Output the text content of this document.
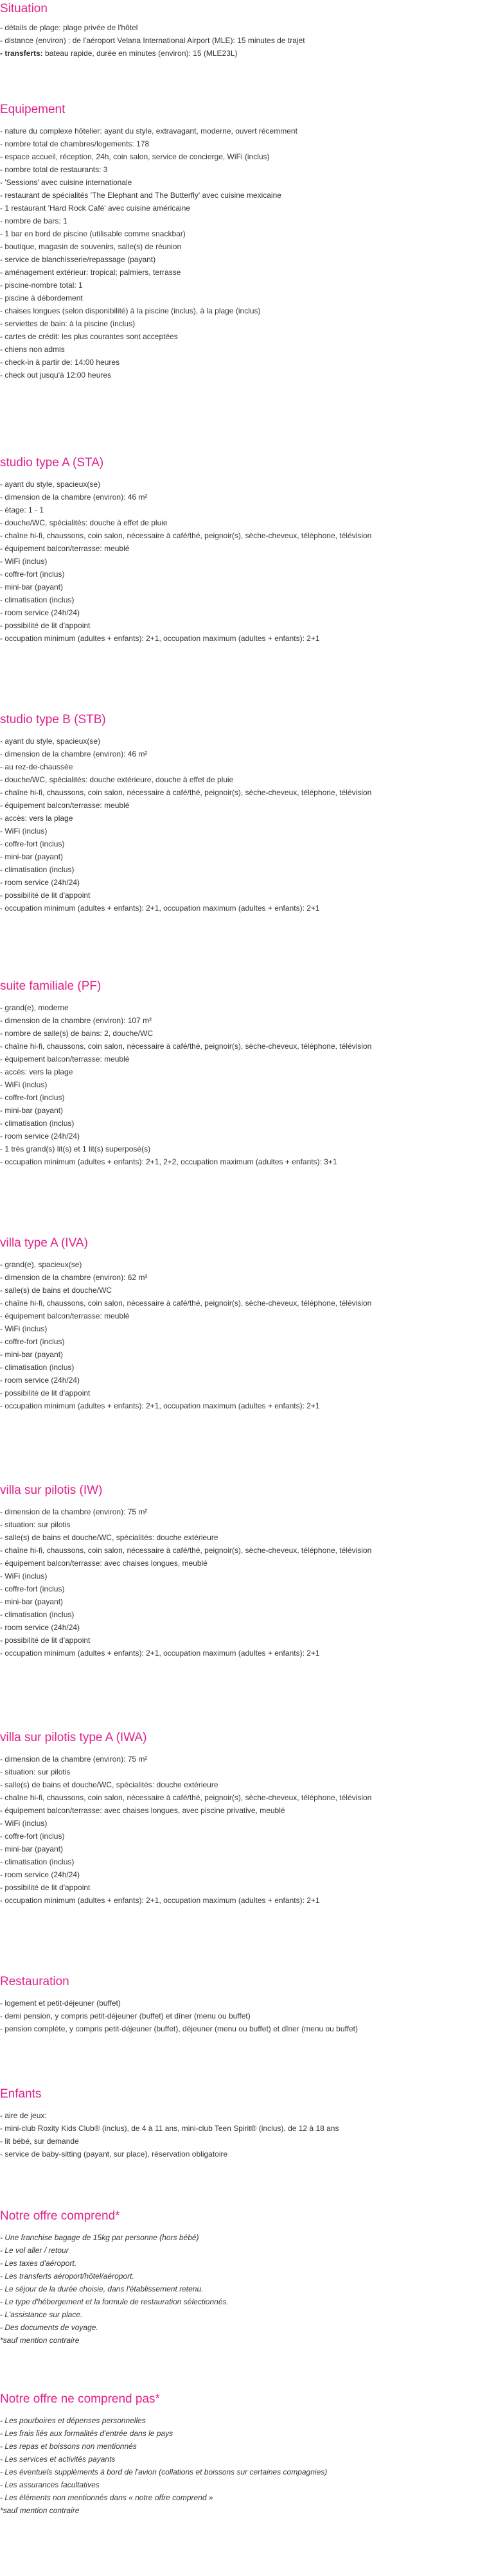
Situation
- détails de plage: plage privée de l'hôtel
- distance (environ) : de l'aéroport Velana International Airport (MLE): 15 minutes de trajet
- transferts: bateau rapide, durée en minutes (environ): 15 (MLE23L)
Equipement
- nature du complexe hôtelier: ayant du style, extravagant, moderne, ouvert récemment
- nombre total de chambres/logements: 178
- espace accueil, réception, 24h, coin salon, service de concierge, WiFi (inclus)
- nombre total de restaurants: 3
- 'Sessions' avec cuisine internationale
- restaurant de spécialités 'The Elephant and The Butterfly' avec cuisine mexicaine
- 1 restaurant 'Hard Rock Café' avec cuisine américaine
- nombre de bars: 1
- 1 bar en bord de piscine (utilisable comme snackbar)
- boutique, magasin de souvenirs, salle(s) de réunion
- service de blanchisserie/repassage (payant)
- aménagement extérieur: tropical; palmiers, terrasse
- piscine-nombre total: 1
- piscine à débordement
- chaises longues (selon disponibilité) à la piscine (inclus), à la plage (inclus)
- serviettes de bain: à la piscine (inclus)
- cartes de crédit: les plus courantes sont acceptées
- chiens non admis
- check-in à partir de: 14:00 heures
- check out jusqu'à 12:00 heures
studio type A (STA)
- ayant du style, spacieux(se)
- dimension de la chambre (environ): 46 m²
- étage: 1 - 1
- douche/WC, spécialités: douche à effet de pluie
- chaîne hi-fi, chaussons, coin salon, nécessaire à café/thé, peignoir(s), sèche-cheveux, téléphone, télévision
- équipement balcon/terrasse: meublé
- WiFi (inclus)
- coffre-fort (inclus)
- mini-bar (payant)
- climatisation (inclus)
- room service (24h/24)
- possibilité de lit d'appoint
- occupation minimum (adultes + enfants): 2+1, occupation maximum (adultes + enfants): 2+1
studio type B (STB)
- ayant du style, spacieux(se)
- dimension de la chambre (environ): 46 m²
- au rez-de-chaussée
- douche/WC, spécialités: douche extérieure, douche à effet de pluie
- chaîne hi-fi, chaussons, coin salon, nécessaire à café/thé, peignoir(s), sèche-cheveux, téléphone, télévision
- équipement balcon/terrasse: meublé
- accès: vers la plage
- WiFi (inclus)
- coffre-fort (inclus)
- mini-bar (payant)
- climatisation (inclus)
- room service (24h/24)
- possibilité de lit d'appoint
- occupation minimum (adultes + enfants): 2+1, occupation maximum (adultes + enfants): 2+1
suite familiale (PF)
- grand(e), moderne
- dimension de la chambre (environ): 107 m²
- nombre de salle(s) de bains: 2, douche/WC
- chaîne hi-fi, chaussons, coin salon, nécessaire à café/thé, peignoir(s), sèche-cheveux, téléphone, télévision
- équipement balcon/terrasse: meublé
- accès: vers la plage
- WiFi (inclus)
- coffre-fort (inclus)
- mini-bar (payant)
- climatisation (inclus)
- room service (24h/24)
- 1 très grand(s) lit(s) et 1 lit(s) superposé(s)
- occupation minimum (adultes + enfants): 2+1, 2+2, occupation maximum (adultes + enfants): 3+1
villa type A (IVA)
- grand(e), spacieux(se)
- dimension de la chambre (environ): 62 m²
- salle(s) de bains et douche/WC
- chaîne hi-fi, chaussons, coin salon, nécessaire à café/thé, peignoir(s), sèche-cheveux, téléphone, télévision
- équipement balcon/terrasse: meublé
- WiFi (inclus)
- coffre-fort (inclus)
- mini-bar (payant)
- climatisation (inclus)
- room service (24h/24)
- possibilité de lit d'appoint
- occupation minimum (adultes + enfants): 2+1, occupation maximum (adultes + enfants): 2+1
villa sur pilotis (IW)
- dimension de la chambre (environ): 75 m²
- situation: sur pilotis
- salle(s) de bains et douche/WC, spécialités: douche extérieure
- chaîne hi-fi, chaussons, coin salon, nécessaire à café/thé, peignoir(s), sèche-cheveux, téléphone, télévision
- équipement balcon/terrasse: avec chaises longues, meublé
- WiFi (inclus)
- coffre-fort (inclus)
- mini-bar (payant)
- climatisation (inclus)
- room service (24h/24)
- possibilité de lit d'appoint
- occupation minimum (adultes + enfants): 2+1, occupation maximum (adultes + enfants): 2+1
villa sur pilotis type A (IWA)
- dimension de la chambre (environ): 75 m²
- situation: sur pilotis
- salle(s) de bains et douche/WC, spécialités: douche extérieure
- chaîne hi-fi, chaussons, coin salon, nécessaire à café/thé, peignoir(s), sèche-cheveux, téléphone, télévision
- équipement balcon/terrasse: avec chaises longues, avec piscine privative, meublé
- WiFi (inclus)
- coffre-fort (inclus)
- mini-bar (payant)
- climatisation (inclus)
- room service (24h/24)
- possibilité de lit d'appoint
- occupation minimum (adultes + enfants): 2+1, occupation maximum (adultes + enfants): 2+1
Restauration
- logement et petit-déjeuner (buffet)
- demi pension, y compris petit-déjeuner (buffet) et dîner (menu ou buffet)
- pension complète, y compris petit-déjeuner (buffet), déjeuner (menu ou buffet) et dîner (menu ou buffet)
Enfants
- aire de jeux:
- mini-club Roxity Kids Club® (inclus), de 4 à 11 ans, mini-club Teen Spirit® (inclus), de 12 à 18 ans
- lit bébé, sur demande
- service de baby-sitting (payant, sur place), réservation obligatoire
Notre offre comprend*
- Une franchise bagage de 15kg par personne (hors bébé)
- Le vol aller / retour
- Les taxes d'aéroport.
- Les transferts aéroport/hôtel/aéroport.
- Le séjour de la durée choisie, dans l'établissement retenu.
- Le type d'hébergement et la formule de restauration sélectionnés.
- L'assistance sur place.
- Des documents de voyage.
*sauf mention contraire
Notre offre ne comprend pas*
- Les pourboires et dépenses personnelles
- Les frais liés aux formalités d'entrée dans le pays
- Les repas et boissons non mentionnés
- Les services et activités payants
- Les éventuels suppléments à bord de l'avion (collations et boissons sur certaines compagnies)
- Les assurances facultatives
- Les éléments non mentionnés dans « notre offre comprend »
*sauf mention contraire
